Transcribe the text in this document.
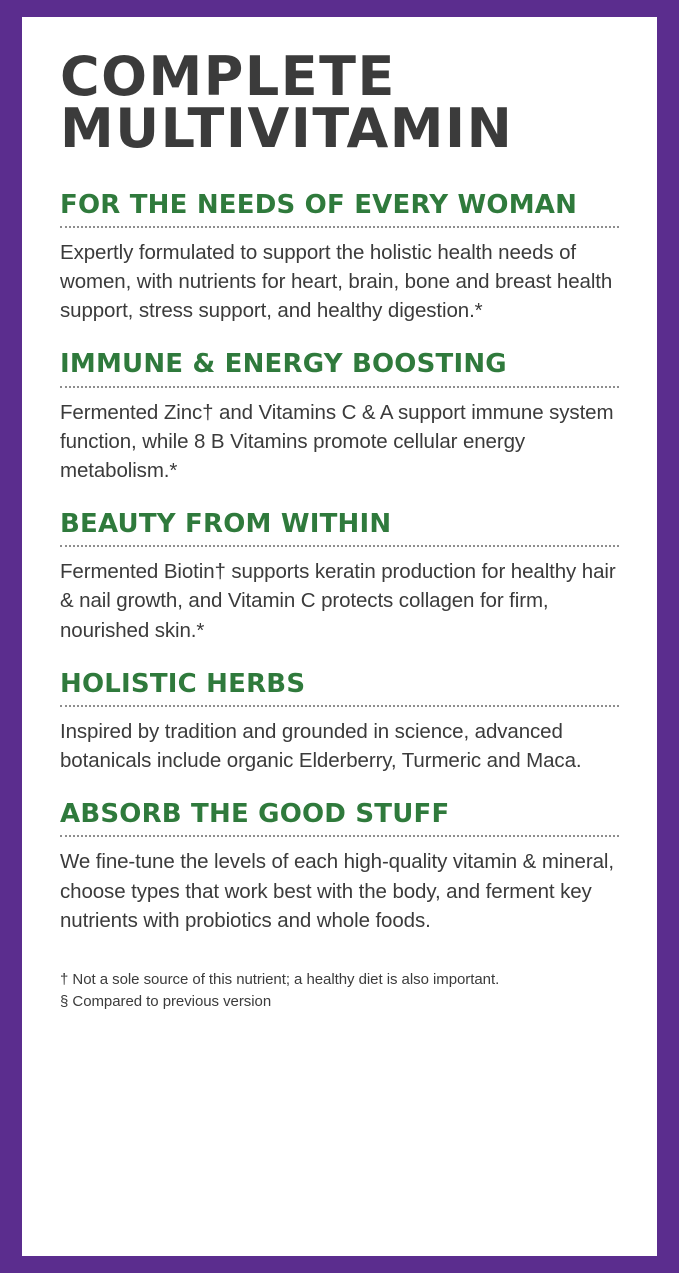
COMPLETE
MULTIVITAMIN
FOR THE NEEDS OF EVERY WOMAN

Expertly formulated to support the holistic health needs of women, with nutrients for heart, brain, bone and breast health support, stress support, and healthy digestion.*

IMMUNE & ENERGY BOOSTING

Fermented Zinc† and Vitamins C & A support immune system function, while 8 B Vitamins promote cellular energy metabolism.*

BEAUTY FROM WITHIN

Fermented Biotin† supports keratin production for healthy hair & nail growth, and Vitamin C protects collagen for firm, nourished skin.*

HOLISTIC HERBS

Inspired by tradition and grounded in science, advanced botanicals include organic Elderberry, Turmeric and Maca.

ABSORB THE GOOD STUFF

We fine-tune the levels of each high-quality vitamin & mineral, choose types that work best with the body, and ferment key nutrients with probiotics and whole foods.

† Not a sole source of this nutrient; a healthy diet is also important.

§ Compared to previous version
